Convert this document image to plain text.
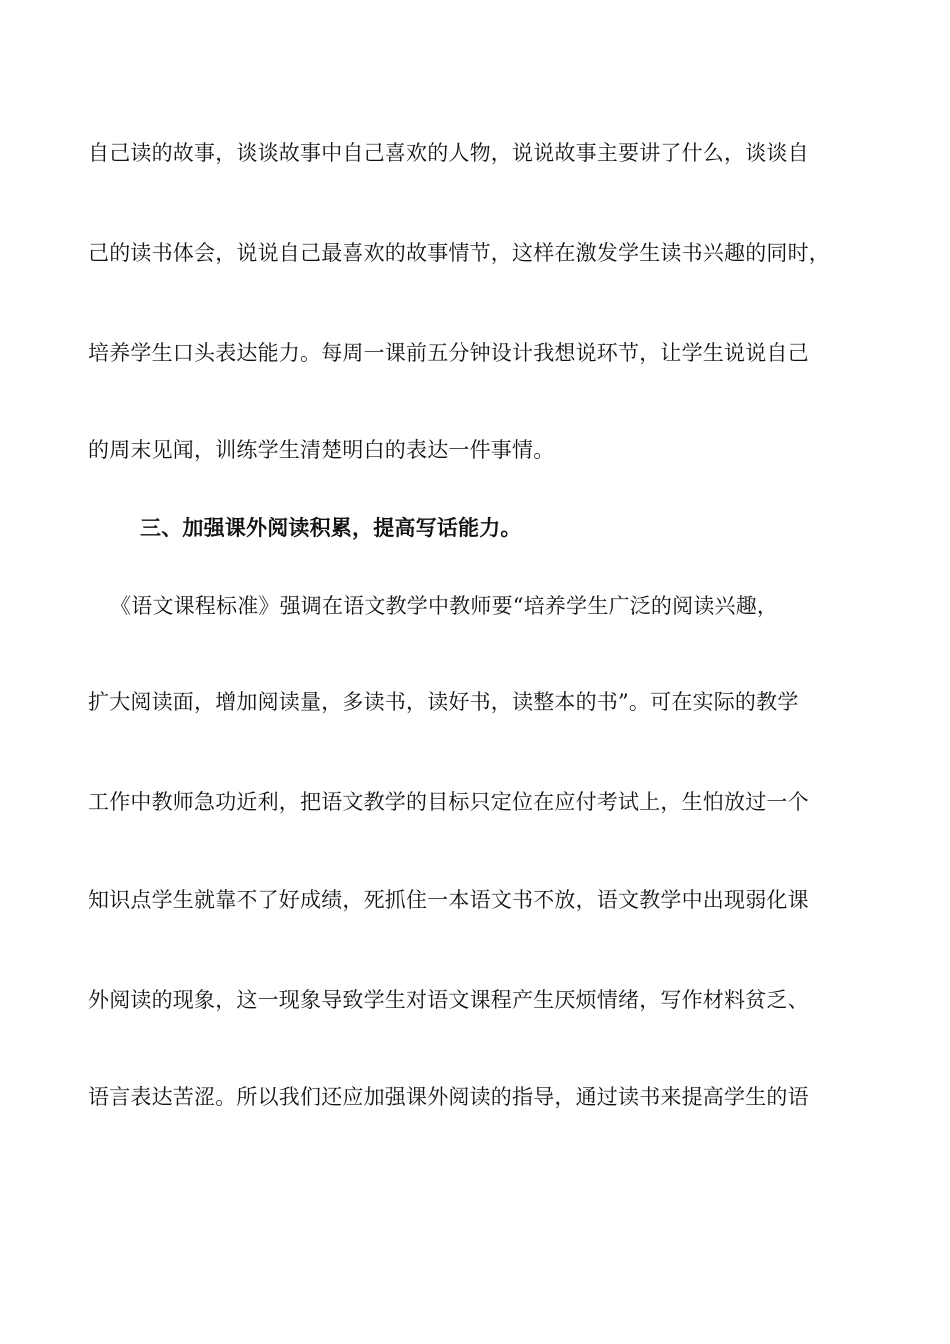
自己读的故事，谈谈故事中自己喜欢的人物，说说故事主要讲了什么，谈谈自
己的读书体会，说说自己最喜欢的故事情节，这样在激发学生读书兴趣的同时，
培养学生口头表达能力。每周一课前五分钟设计我想说环节，让学生说说自己
的周末见闻，训练学生清楚明白的表达一件事情。
三、加强课外阅读积累，提高写话能力。
《语文课程标准》强调在语文教学中教师要“培养学生广泛的阅读兴趣，
扩大阅读面，增加阅读量，多读书，读好书，读整本的书”。可在实际的教学
工作中教师急功近利，把语文教学的目标只定位在应付考试上，生怕放过一个
知识点学生就靠不了好成绩，死抓住一本语文书不放，语文教学中出现弱化课
外阅读的现象，这一现象导致学生对语文课程产生厌烦情绪，写作材料贫乏、
语言表达苦涩。所以我们还应加强课外阅读的指导，通过读书来提高学生的语
